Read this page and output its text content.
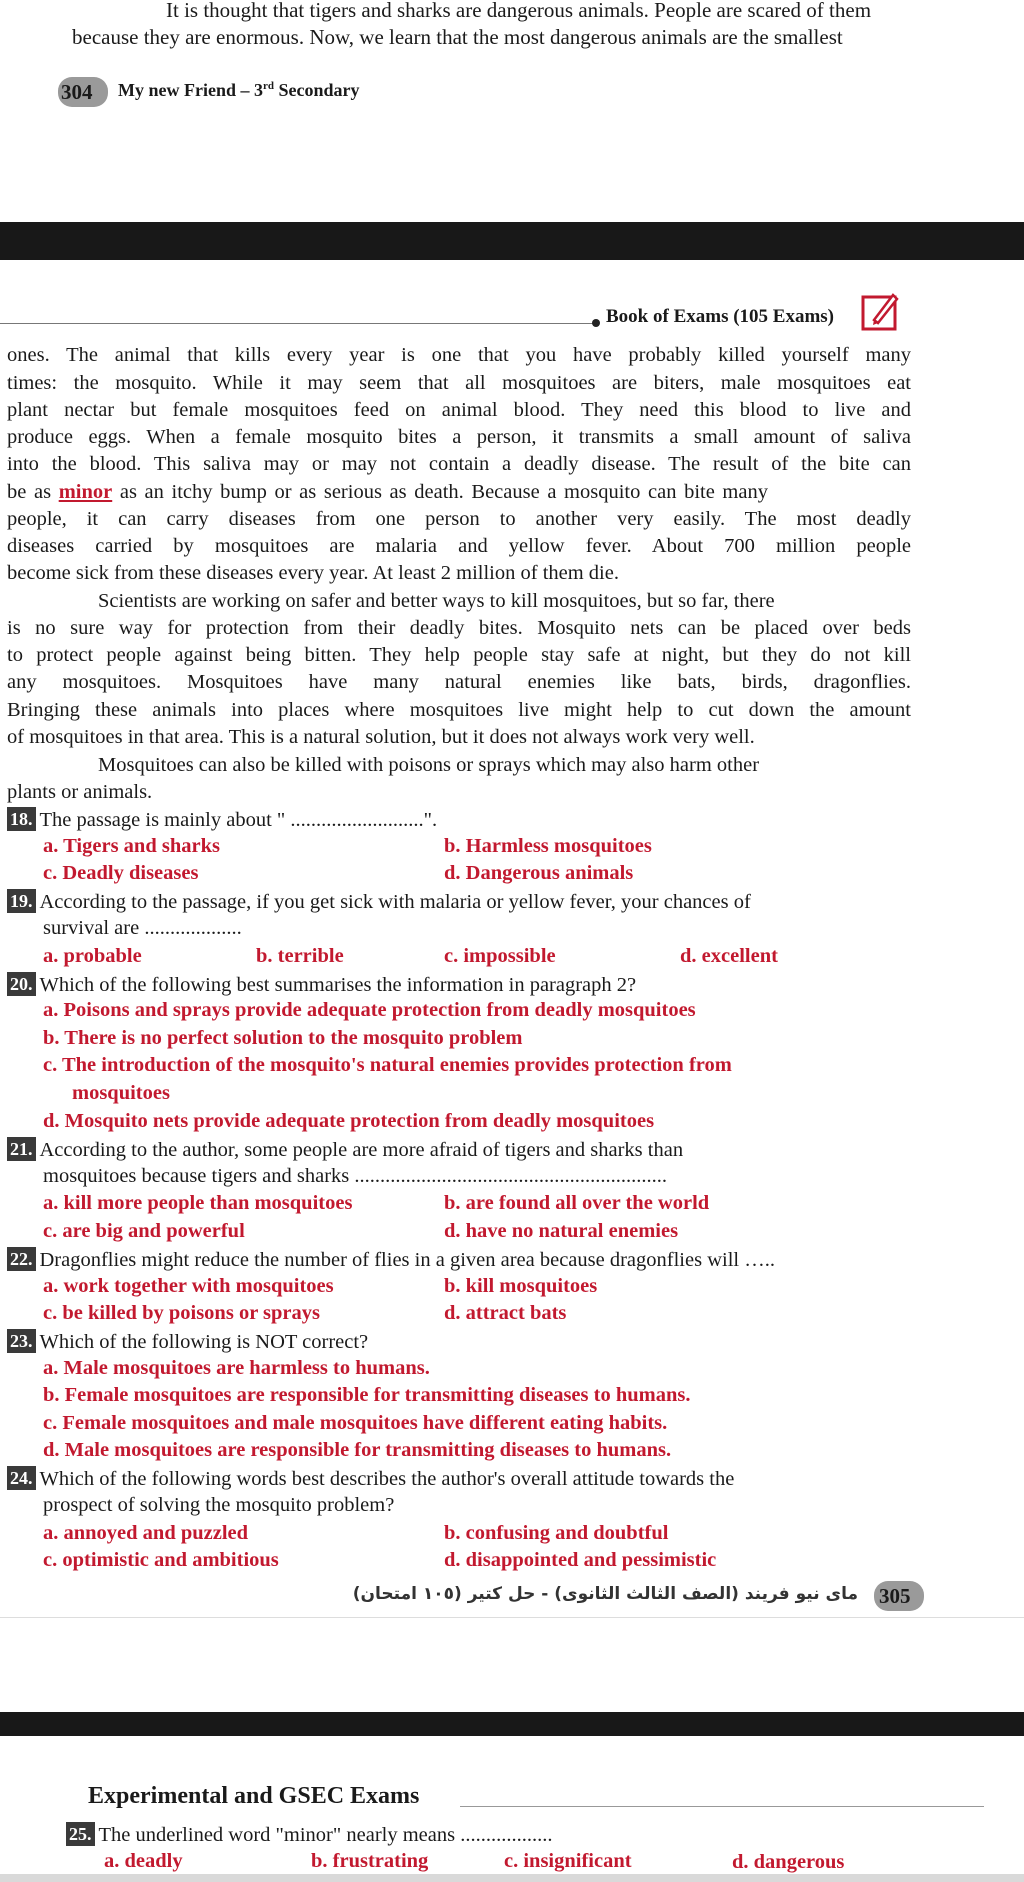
It is thought that tigers and sharks are dangerous animals. People are scared of them
because they are enormous. Now, we learn that the most dangerous animals are the smallest
304 My new Friend – 3rd Secondary
Book of Exams (105 Exams)
ones. The animal that kills every year is one that you have probably killed yourself many
times: the mosquito. While it may seem that all mosquitoes are biters, male mosquitoes eat
plant nectar but female mosquitoes feed on animal blood. They need this blood to live and
produce eggs. When a female mosquito bites a person, it transmits a small amount of saliva
into the blood. This saliva may or may not contain a deadly disease. The result of the bite can
be as minor as an itchy bump or as serious as death. Because a mosquito can bite many
people, it can carry diseases from one person to another very easily. The most deadly
diseases carried by mosquitoes are malaria and yellow fever. About 700 million people
become sick from these diseases every year. At least 2 million of them die.
Scientists are working on safer and better ways to kill mosquitoes, but so far, there
is no sure way for protection from their deadly bites. Mosquito nets can be placed over beds
to protect people against being bitten. They help people stay safe at night, but they do not kill
any mosquitoes. Mosquitoes have many natural enemies like bats, birds, dragonflies.
Bringing these animals into places where mosquitoes live might help to cut down the amount
of mosquitoes in that area. This is a natural solution, but it does not always work very well.
Mosquitoes can also be killed with poisons or sprays which may also harm other
plants or animals.
18. The passage is mainly about " ..........................".
a. Tigers and sharks	b. Harmless mosquitoes
c. Deadly diseases	d. Dangerous animals
19. According to the passage, if you get sick with malaria or yellow fever, your chances of
survival are ...................
a. probable	b. terrible	c. impossible	d. excellent
20. Which of the following best summarises the information in paragraph 2?
a. Poisons and sprays provide adequate protection from deadly mosquitoes
b. There is no perfect solution to the mosquito problem
c. The introduction of the mosquito's natural enemies provides protection from
mosquitoes
d. Mosquito nets provide adequate protection from deadly mosquitoes
21. According to the author, some people are more afraid of tigers and sharks than
mosquitoes because tigers and sharks .............................................................
a. kill more people than mosquitoes	b. are found all over the world
c. are big and powerful	d. have no natural enemies
22. Dragonflies might reduce the number of flies in a given area because dragonflies will …..
a. work together with mosquitoes	b. kill mosquitoes
c. be killed by poisons or sprays	d. attract bats
23. Which of the following is NOT correct?
a. Male mosquitoes are harmless to humans.
b. Female mosquitoes are responsible for transmitting diseases to humans.
c. Female mosquitoes and male mosquitoes have different eating habits.
d. Male mosquitoes are responsible for transmitting diseases to humans.
24. Which of the following words best describes the author's overall attitude towards the
prospect of solving the mosquito problem?
a. annoyed and puzzled	b. confusing and doubtful
c. optimistic and ambitious	d. disappointed and pessimistic
ماى نيو فريند (الصف الثالث الثانوى) - حل كتير (١٠٥ امتحان) 305
Experimental and GSEC Exams
25. The underlined word "minor" nearly means ..................
a. deadly	b. frustrating	c. insignificant	d. dangerous
